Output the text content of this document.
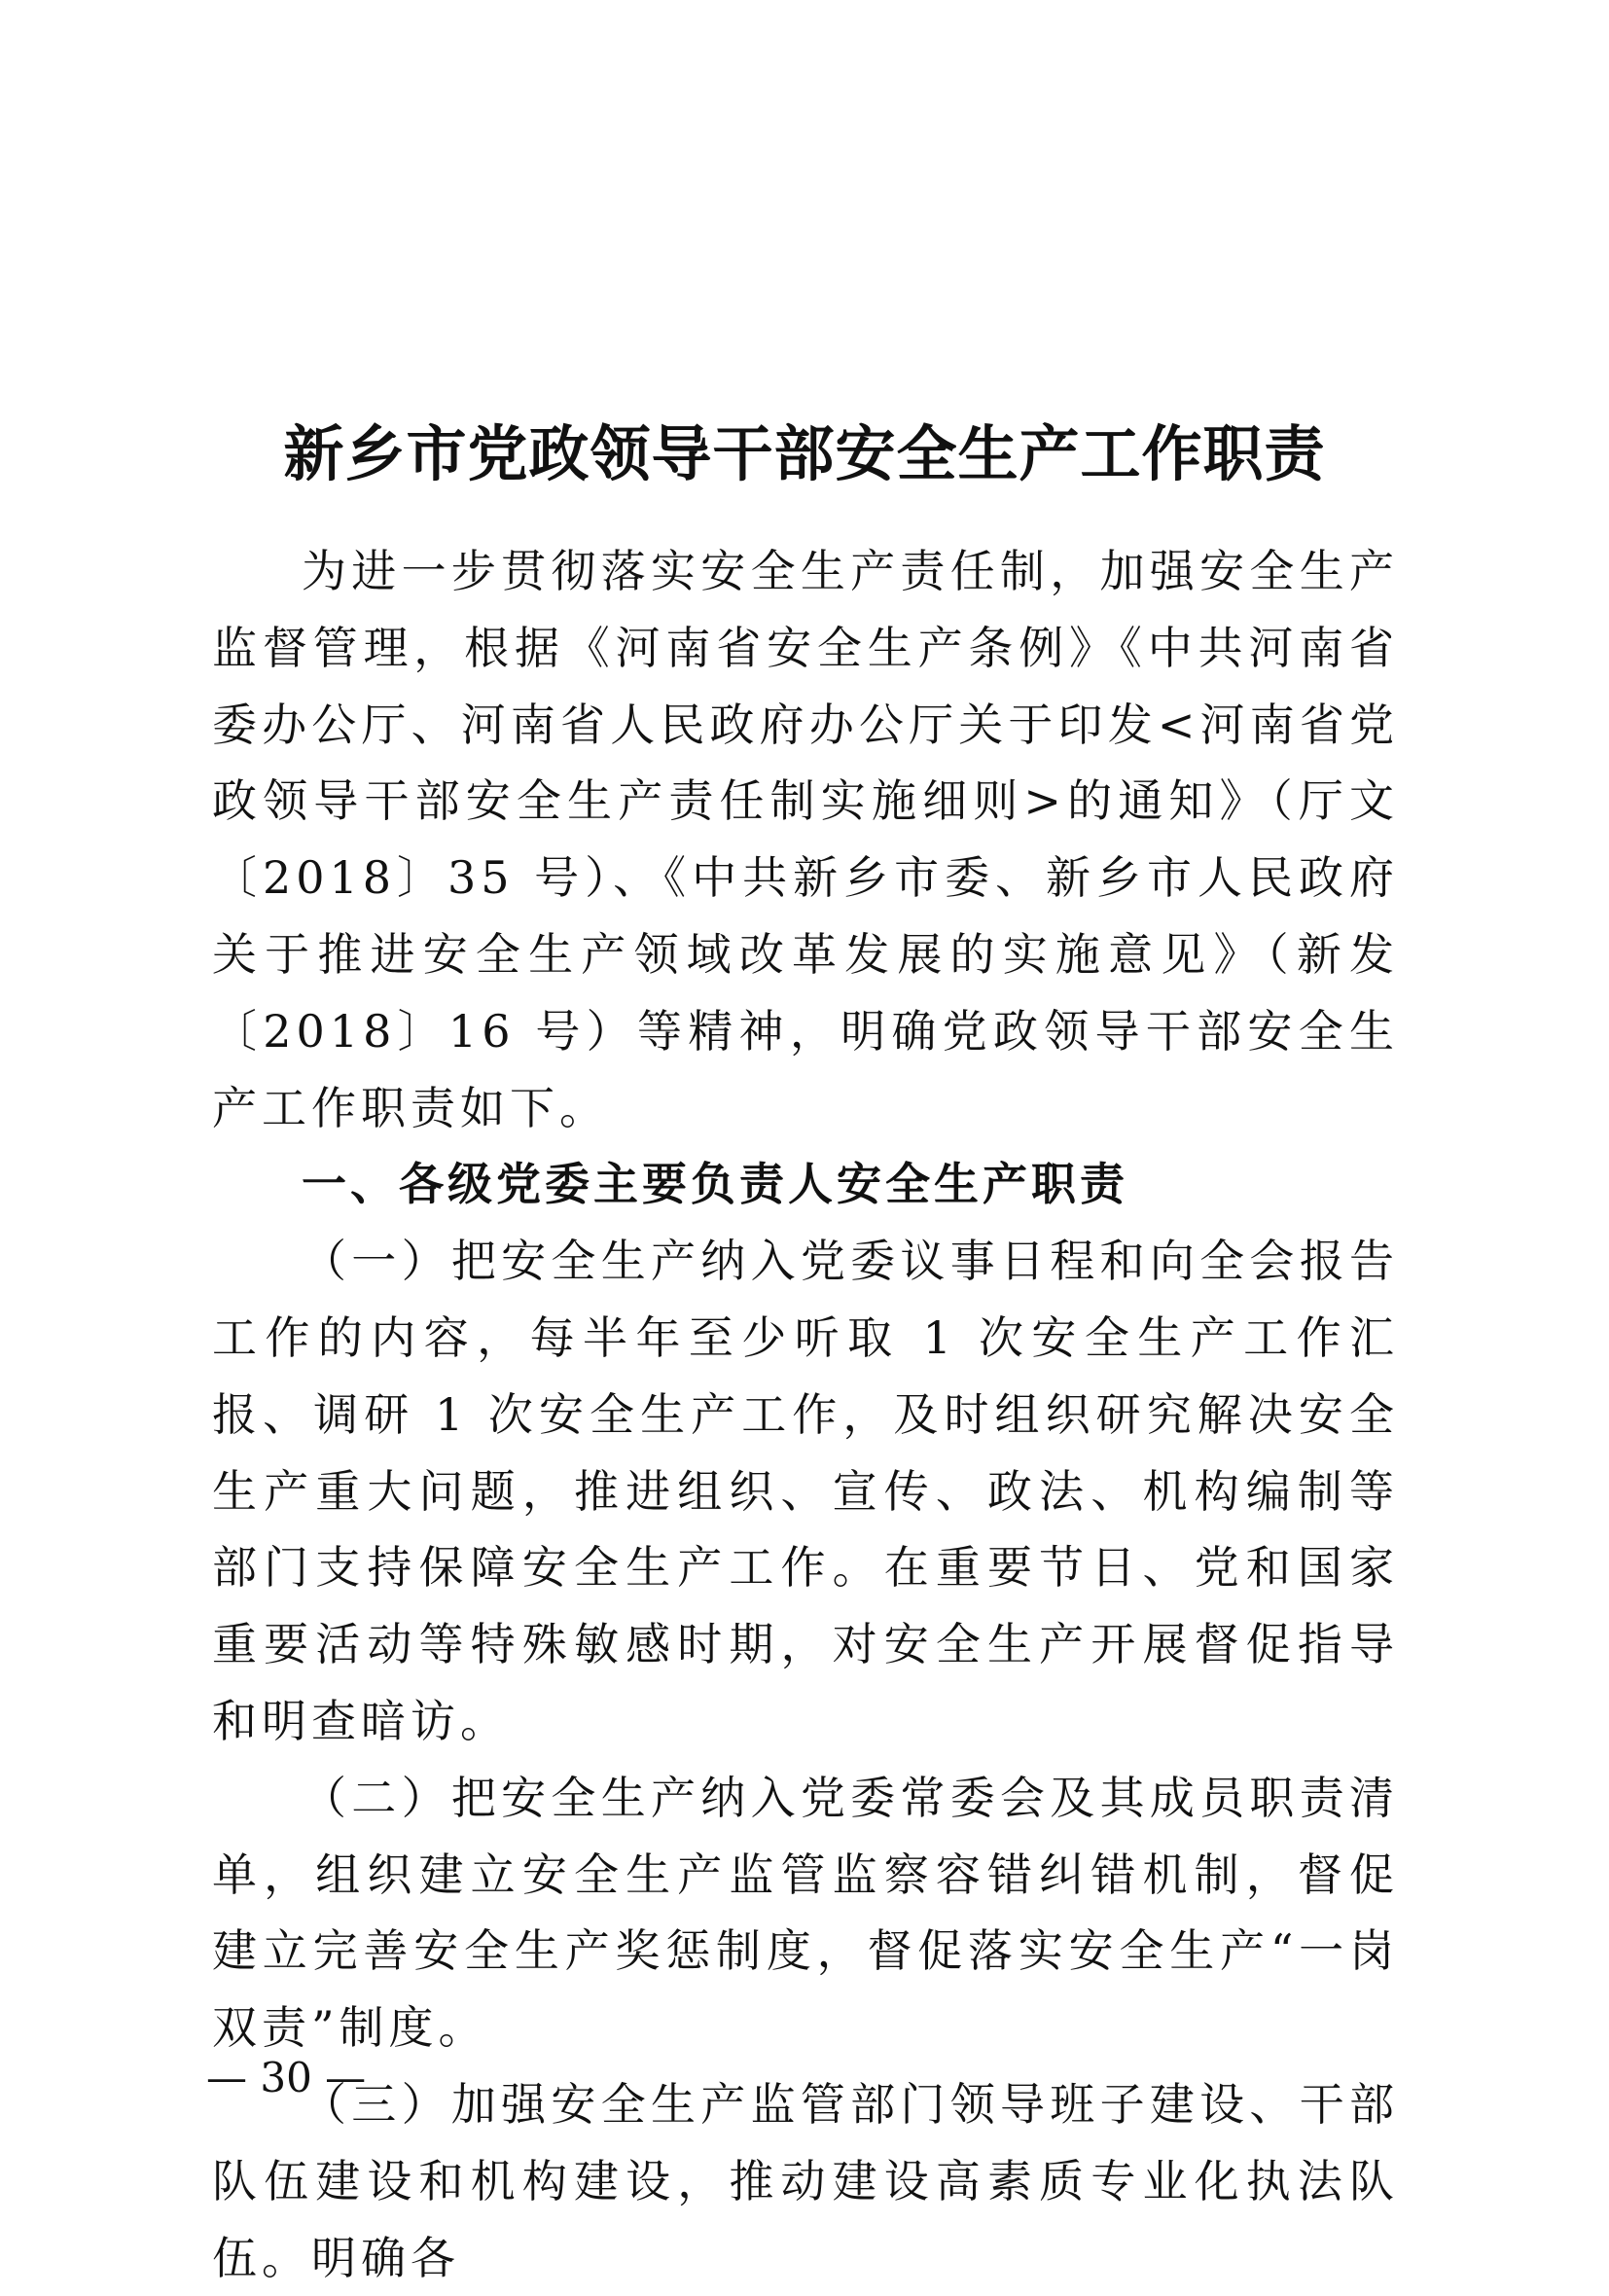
新乡市党政领导干部安全生产工作职责

为进一步贯彻落实安全生产责任制，加强安全生产监督管理，根据《河南省安全生产条例》《中共河南省委办公厅、河南省人民政府办公厅关于印发<河南省党政领导干部安全生产责任制实施细则>的通知》（厅文〔2018〕35 号）、《中共新乡市委、新乡市人民政府关于推进安全生产领域改革发展的实施意见》（新发〔2018〕16 号）等精神，明确党政领导干部安全生产工作职责如下。

一、各级党委主要负责人安全生产职责

（一）把安全生产纳入党委议事日程和向全会报告工作的内容，每半年至少听取 1 次安全生产工作汇报、调研 1 次安全生产工作，及时组织研究解决安全生产重大问题，推进组织、宣传、政法、机构编制等部门支持保障安全生产工作。在重要节日、党和国家重要活动等特殊敏感时期，对安全生产开展督促指导和明查暗访。

（二）把安全生产纳入党委常委会及其成员职责清单，组织建立安全生产监管监察容错纠错机制，督促建立完善安全生产奖惩制度，督促落实安全生产“一岗双责”制度。

（三）加强安全生产监管部门领导班子建设、干部队伍建设和机构建设，推动建设高素质专业化执法队伍。明确各

— 30 —
